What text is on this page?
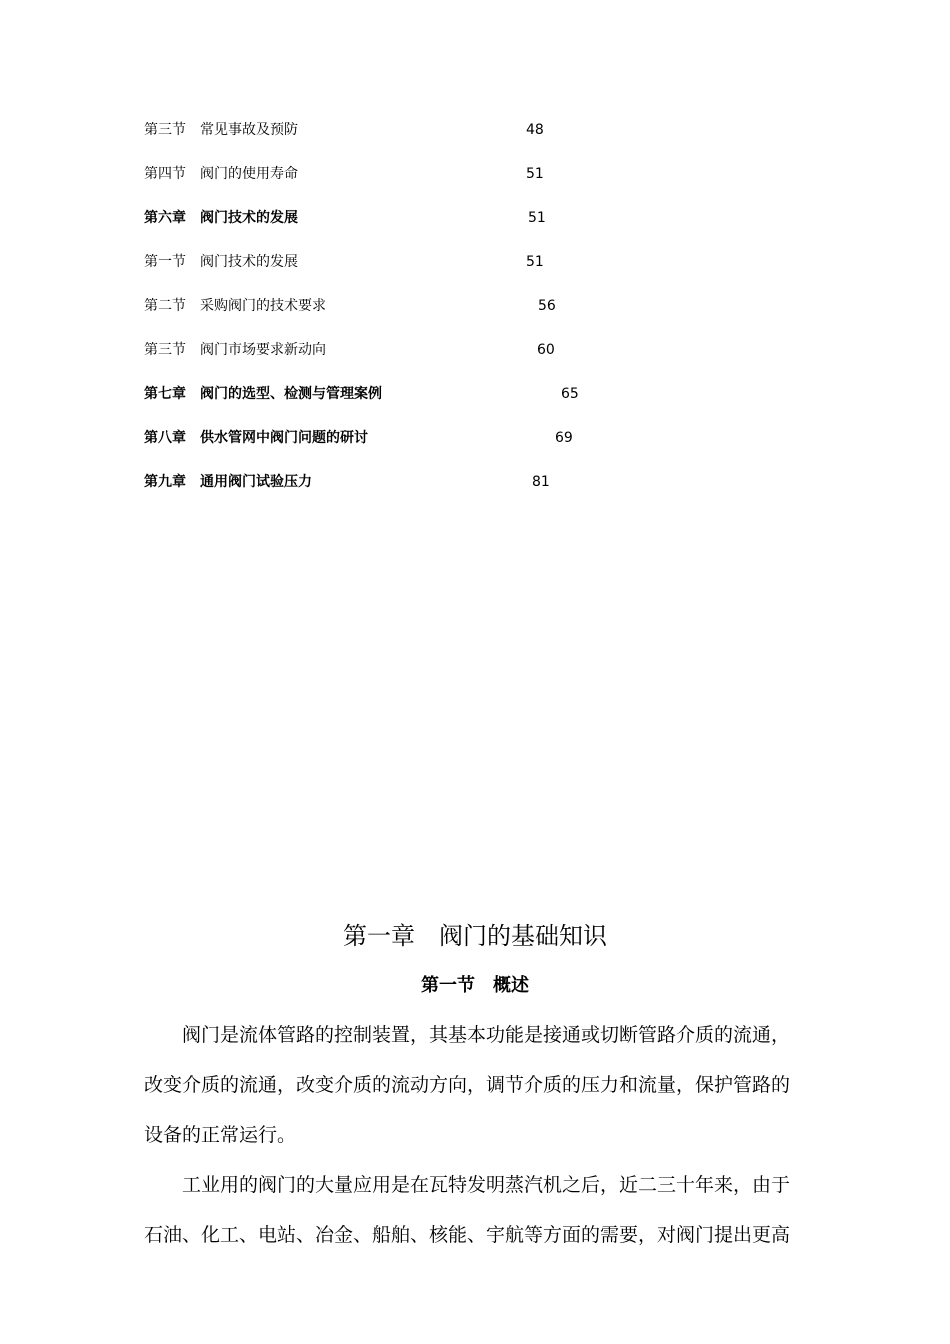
第三节 常见事故及预防	48
第四节 阀门的使用寿命	51
第六章 阀门技术的发展	51
第一节 阀门技术的发展	51
第二节 采购阀门的技术要求	56
第三节 阀门市场要求新动向	60
第七章 阀门的选型、检测与管理案例	65
第八章 供水管网中阀门问题的研讨	69
第九章 通用阀门试验压力	81
第一章　阀门的基础知识
第一节　概述
　　阀门是流体管路的控制装置，其基本功能是接通或切断管路介质的流通，
改变介质的流通，改变介质的流动方向，调节介质的压力和流量，保护管路的
设备的正常运行。
　　工业用的阀门的大量应用是在瓦特发明蒸汽机之后，近二三十年来，由于
石油、化工、电站、冶金、船舶、核能、宇航等方面的需要，对阀门提出更高
